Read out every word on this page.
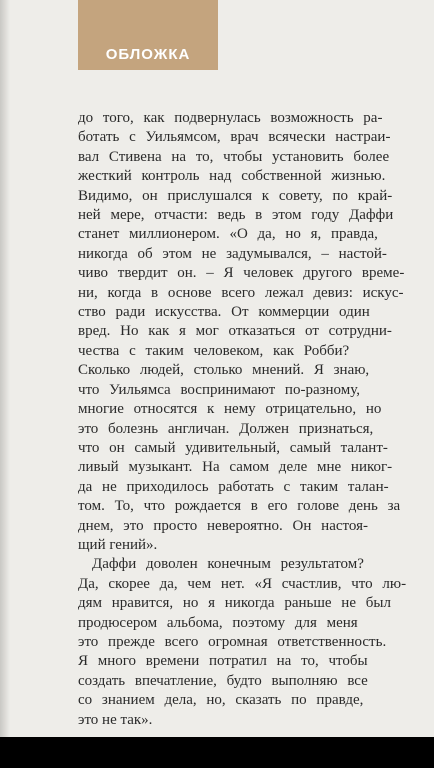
ОБЛОЖКА
до того, как подвернулась возможность ра-
ботать с Уильямсом, врач всячески настраи-
вал Стивена на то, чтобы установить более
жесткий контроль над собственной жизнью.
Видимо, он прислушался к совету, по край-
ней мере, отчасти: ведь в этом году Даффи
станет миллионером. «О да, но я, правда,
никогда об этом не задумывался, – настой-
чиво твердит он. – Я человек другого време-
ни, когда в основе всего лежал девиз: искус-
ство ради искусства. От коммерции один
вред. Но как я мог отказаться от сотрудни-
чества с таким человеком, как Робби?
Сколько людей, столько мнений. Я знаю,
что Уильямса воспринимают по-разному,
многие относятся к нему отрицательно, но
это болезнь англичан. Должен признаться,
что он самый удивительный, самый талант-
ливый музыкант. На самом деле мне никог-
да не приходилось работать с таким талан-
том. То, что рождается в его голове день за
днем, это просто невероятно. Он настоя-
щий гений».
Даффи доволен конечным результатом?
Да, скорее да, чем нет. «Я счастлив, что лю-
дям нравится, но я никогда раньше не был
продюсером альбома, поэтому для меня
это прежде всего огромная ответственность.
Я много времени потратил на то, чтобы
создать впечатление, будто выполняю все
со знанием дела, но, сказать по правде,
это не так».
